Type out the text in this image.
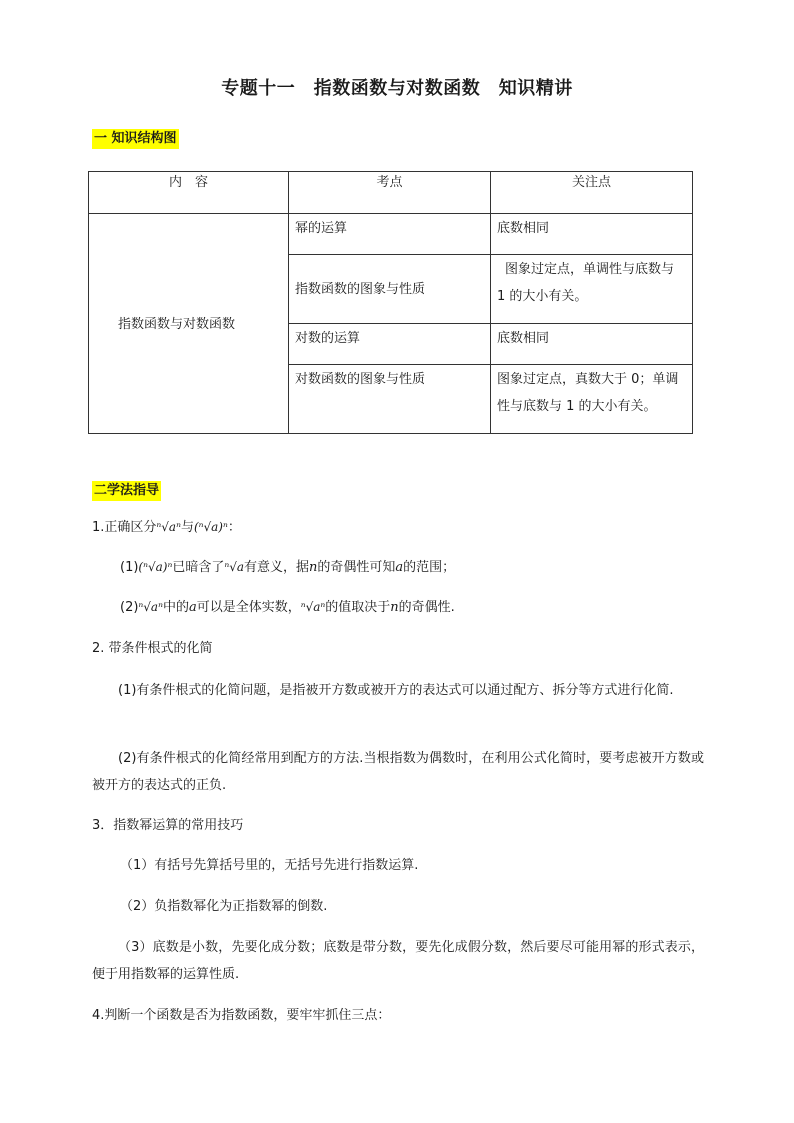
专题十一　指数函数与对数函数　知识精讲
一 知识结构图
内　容	考点	关注点
指数函数与对数函数	幂的运算	底数相同
	指数函数的图象与性质	图象过定点，单调性与底数与
1 的大小有关。

	对数的运算	底数相同
	对数函数的图象与性质	图象过定点，真数大于 0；单调
性与底数与 1 的大小有关。
二学法指导
1.正确区分ⁿ√aⁿ与(ⁿ√a)ⁿ：
(1)(ⁿ√a)ⁿ已暗含了ⁿ√a有意义，据n的奇偶性可知a的范围；
(2)ⁿ√aⁿ中的a可以是全体实数，ⁿ√aⁿ的值取决于n的奇偶性.
2. 带条件根式的化简
(1)有条件根式的化简问题，是指被开方数或被开方的表达式可以通过配方、拆分等方式进行化简.
(2)有条件根式的化简经常用到配方的方法.当根指数为偶数时，在利用公式化简时，要考虑被开方数或被开方的表达式的正负.
3．指数幂运算的常用技巧
（1）有括号先算括号里的，无括号先进行指数运算.
（2）负指数幂化为正指数幂的倒数.
（3）底数是小数，先要化成分数；底数是带分数，要先化成假分数，然后要尽可能用幂的形式表示，便于用指数幂的运算性质.
4.判断一个函数是否为指数函数，要牢牢抓住三点：
